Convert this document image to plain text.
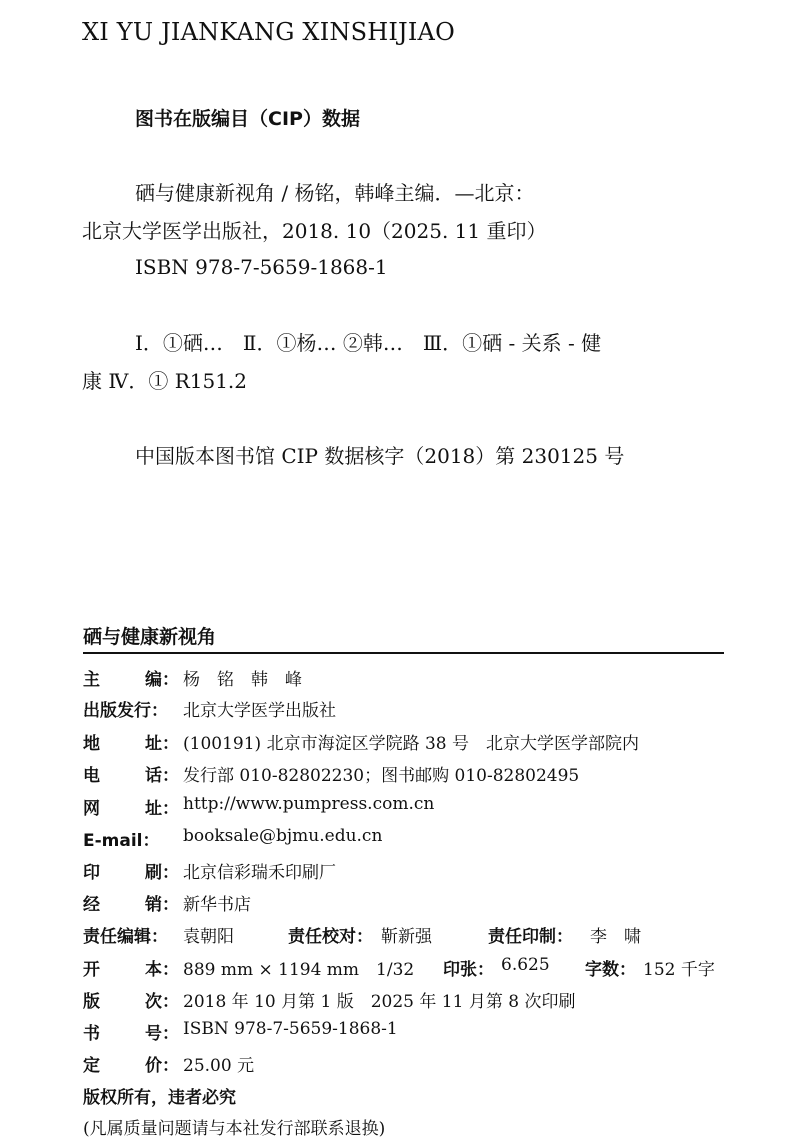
XI YU JIANKANG XINSHIJIAO
图书在版编目（CIP）数据
硒与健康新视角 / 杨铭，韩峰主编．—北京：
北京大学医学出版社，2018. 10（2025. 11 重印）
ISBN 978-7-5659-1868-1
Ⅰ．①硒…　Ⅱ．①杨… ②韩…　Ⅲ．①硒 - 关系 - 健
康 Ⅳ．① R151.2
中国版本图书馆 CIP 数据核字（2018）第 230125 号
硒与健康新视角
主	编： 杨　铭　韩　峰
出版发行： 北京大学医学出版社
地	址： (100191) 北京市海淀区学院路 38 号　北京大学医学部院内
电	话： 发行部 010-82802230；图书邮购 010-82802495
网	址： http://www.pumpress.com.cn
E-mail： booksale@bjmu.edu.cn
印	刷： 北京信彩瑞禾印刷厂
经	销： 新华书店
责任编辑： 袁朝阳	责任校对： 靳新强	责任印制： 李　啸
开	本： 889 mm × 1194 mm　1/32 印张： 6.625 字数： 152 千字
版	次： 2018 年 10 月第 1 版　2025 年 11 月第 8 次印刷
书	号： ISBN 978-7-5659-1868-1
定	价： 25.00 元
版权所有，违者必究
(凡属质量问题请与本社发行部联系退换)
